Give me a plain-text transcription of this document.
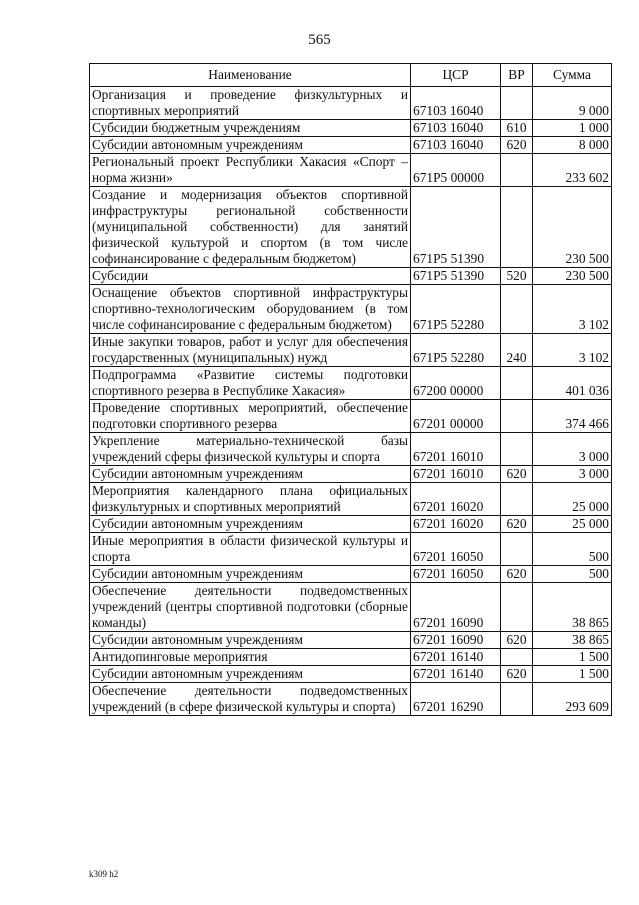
565
Наименование	ЦСР	ВР	Сумма
Организация и проведение физкультурных и спортивных мероприятий	67103 16040		9 000
Субсидии бюджетным учреждениям	67103 16040	610	1 000
Субсидии автономным учреждениям	67103 16040	620	8 000
Региональный проект Республики Хакасия «Спорт – норма жизни»	671P5 00000		233 602
Создание и модернизация объектов спортивной инфраструктуры региональной собственности (муниципальной собственности) для занятий физической культурой и спортом (в том числе софинансирование с федеральным бюджетом)	671P5 51390		230 500
Субсидии	671P5 51390	520	230 500
Оснащение объектов спортивной инфраструктуры спортивно-технологическим оборудованием (в том числе софинансирование с федеральным бюджетом)	671P5 52280		3 102
Иные закупки товаров, работ и услуг для обеспечения государственных (муниципальных) нужд	671P5 52280	240	3 102
Подпрограмма «Развитие системы подготовки спортивного резерва в Республике Хакасия»	67200 00000		401 036
Проведение спортивных мероприятий, обеспечение подготовки спортивного резерва	67201 00000		374 466
Укрепление материально-технической базы учреждений сферы физической культуры и спорта	67201 16010		3 000
Субсидии автономным учреждениям	67201 16010	620	3 000
Мероприятия календарного плана официальных физкультурных и спортивных мероприятий	67201 16020		25 000
Субсидии автономным учреждениям	67201 16020	620	25 000
Иные мероприятия в области физической культуры и спорта	67201 16050		500
Субсидии автономным учреждениям	67201 16050	620	500
Обеспечение деятельности подведомственных учреждений (центры спортивной подготовки (сборные команды)	67201 16090		38 865
Субсидии автономным учреждениям	67201 16090	620	38 865
Антидопинговые мероприятия	67201 16140		1 500
Субсидии автономным учреждениям	67201 16140	620	1 500
Обеспечение деятельности подведомственных учреждений (в сфере физической культуры и спорта)	67201 16290		293 609
k309 h2
